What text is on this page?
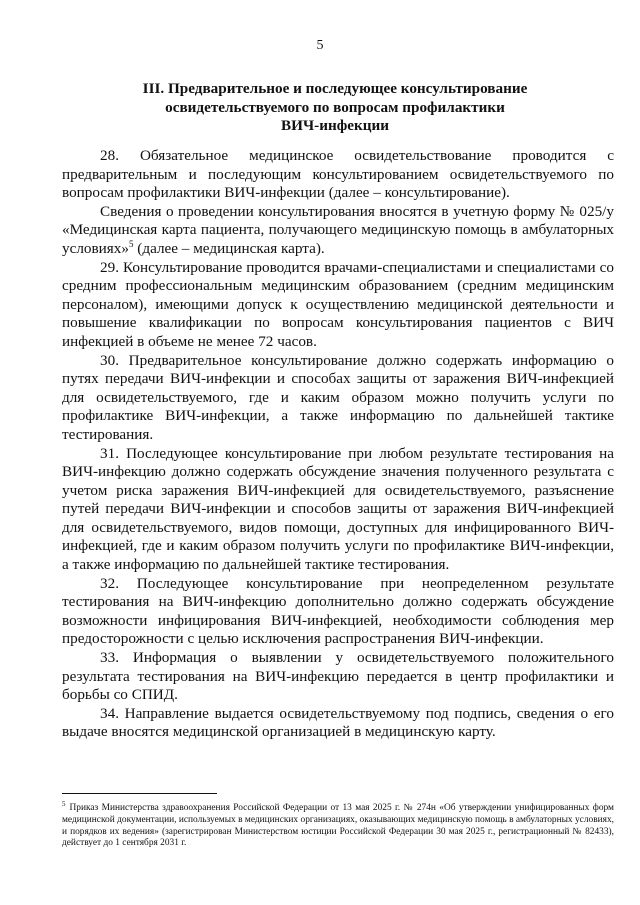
5
III. Предварительное и последующее консультирование
освидетельствуемого по вопросам профилактики
ВИЧ-инфекции

28. Обязательное медицинское освидетельствование проводится с предварительным и последующим консультированием освидетельствуемого по вопросам профилактики ВИЧ-инфекции (далее – консультирование).

Сведения о проведении консультирования вносятся в учетную форму № 025/у «Медицинская карта пациента, получающего медицинскую помощь в амбулаторных условиях»$^5$ (далее – медицинская карта).

29. Консультирование проводится врачами-специалистами и специалистами со средним профессиональным медицинским образованием (средним медицинским персоналом), имеющими допуск к осуществлению медицинской деятельности и повышение квалификации по вопросам консультирования пациентов с ВИЧ инфекцией в объеме не менее 72 часов.

30. Предварительное консультирование должно содержать информацию о путях передачи ВИЧ-инфекции и способах защиты от заражения ВИЧ-инфекцией для освидетельствуемого, где и каким образом можно получить услуги по профилактике ВИЧ-инфекции, а также информацию по дальнейшей тактике тестирования.

31. Последующее консультирование при любом результате тестирования на ВИЧ-инфекцию должно содержать обсуждение значения полученного результата с учетом риска заражения ВИЧ-инфекцией для освидетельствуемого, разъяснение путей передачи ВИЧ-инфекции и способов защиты от заражения ВИЧ-инфекцией для освидетельствуемого, видов помощи, доступных для инфицированного ВИЧ-инфекцией, где и каким образом получить услуги по профилактике ВИЧ-инфекции, а также информацию по дальнейшей тактике тестирования.

32. Последующее консультирование при неопределенном результате тестирования на ВИЧ-инфекцию дополнительно должно содержать обсуждение возможности инфицирования ВИЧ-инфекцией, необходимости соблюдения мер предосторожности с целью исключения распространения ВИЧ-инфекции.

33. Информация о выявлении у освидетельствуемого положительного результата тестирования на ВИЧ-инфекцию передается в центр профилактики и борьбы со СПИД.

34. Направление выдается освидетельствуемому под подпись, сведения о его выдаче вносятся медицинской организацией в медицинскую карту.

$^5$ Приказ Министерства здравоохранения Российской Федерации от 13 мая 2025 г. № 274н «Об утверждении унифицированных форм медицинской документации, используемых в медицинских организациях, оказывающих медицинскую помощь в амбулаторных условиях, и порядков их ведения» (зарегистрирован Министерством юстиции Российской Федерации 30 мая 2025 г., регистрационный № 82433), действует до 1 сентября 2031 г.
